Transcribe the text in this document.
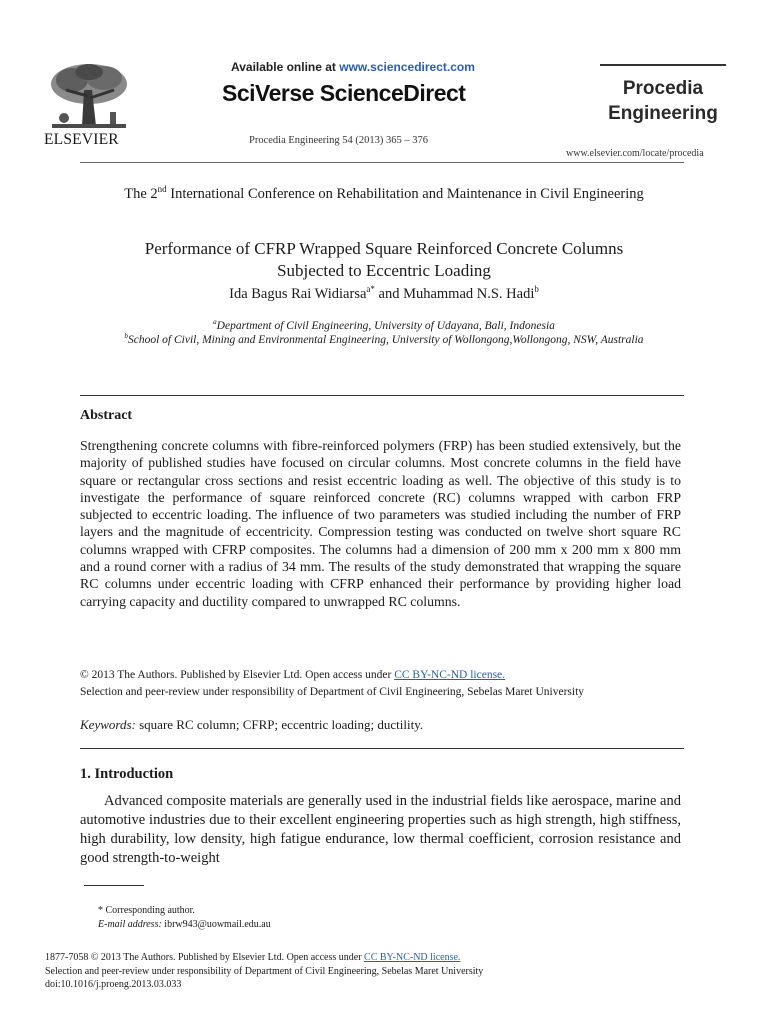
ELSEVIER
Available online at www.sciencedirect.com
SciVerse ScienceDirect
Procedia Engineering 54 (2013) 365 – 376
Procedia
Engineering
www.elsevier.com/locate/procedia
The 2nd International Conference on Rehabilitation and Maintenance in Civil Engineering
Performance of CFRP Wrapped Square Reinforced Concrete Columns
Subjected to Eccentric Loading
Ida Bagus Rai Widiarsa$^{a*}$ and Muhammad N.S. Hadi$^b$
$^a$Department of Civil Engineering, University of Udayana, Bali, Indonesia
$^b$School of Civil, Mining and Environmental Engineering, University of Wollongong,Wollongong, NSW, Australia
Abstract
Strengthening concrete columns with fibre-reinforced polymers (FRP) has been studied extensively, but the majority of published studies have focused on circular columns. Most concrete columns in the field have square or rectangular cross sections and resist eccentric loading as well. The objective of this study is to investigate the performance of square reinforced concrete (RC) columns wrapped with carbon FRP subjected to eccentric loading. The influence of two parameters was studied including the number of FRP layers and the magnitude of eccentricity. Compression testing was conducted on twelve short square RC columns wrapped with CFRP composites. The columns had a dimension of 200 mm x 200 mm x 800 mm and a round corner with a radius of 34 mm. The results of the study demonstrated that wrapping the square RC columns under eccentric loading with CFRP enhanced their performance by providing higher load carrying capacity and ductility compared to unwrapped RC columns.
© 2013 The Authors. Published by Elsevier Ltd. Open access under CC BY-NC-ND license.
Selection and peer-review under responsibility of Department of Civil Engineering, Sebelas Maret University
Keywords: square RC column; CFRP; eccentric loading; ductility.
1. Introduction
Advanced composite materials are generally used in the industrial fields like aerospace, marine and automotive industries due to their excellent engineering properties such as high strength, high stiffness, high durability, low density, high fatigue endurance, low thermal coefficient, corrosion resistance and good strength-to-weight
* Corresponding author.
E-mail address: ibrw943@uowmail.edu.au
1877-7058 © 2013 The Authors. Published by Elsevier Ltd. Open access under CC BY-NC-ND license.
Selection and peer-review under responsibility of Department of Civil Engineering, Sebelas Maret University
doi:10.1016/j.proeng.2013.03.033
